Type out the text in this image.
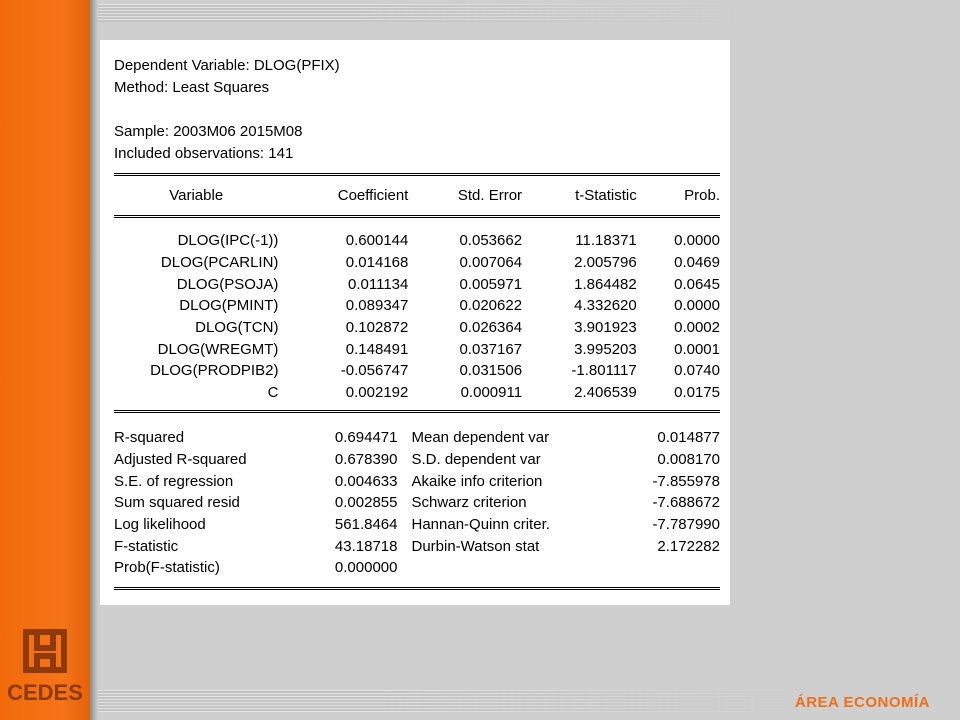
CEDES	ÁREA ECONOMÍA
Dependent Variable: DLOG(PFIX)
Method: Least Squares
Sample: 2003M06 2015M08
Included observations: 141
Variable	Coefficient	Std. Error	t-Statistic	Prob.
DLOG(IPC(-1))	0.600144	0.053662	11.18371	0.0000
DLOG(PCARLIN)	0.014168	0.007064	2.005796	0.0469
DLOG(PSOJA)	0.011134	0.005971	1.864482	0.0645
DLOG(PMINT)	0.089347	0.020622	4.332620	0.0000
DLOG(TCN)	0.102872	0.026364	3.901923	0.0002
DLOG(WREGMT)	0.148491	0.037167	3.995203	0.0001
DLOG(PRODPIB2)	-0.056747	0.031506	-1.801117	0.0740
C	0.002192	0.000911	2.406539	0.0175
R-squared	0.694471	Mean dependent var	0.014877
Adjusted R-squared	0.678390	S.D. dependent var	0.008170
S.E. of regression	0.004633	Akaike info criterion	-7.855978
Sum squared resid	0.002855	Schwarz criterion	-7.688672
Log likelihood	561.8464	Hannan-Quinn criter.	-7.787990
F-statistic	43.18718	Durbin-Watson stat	2.172282
Prob(F-statistic)	0.000000		
